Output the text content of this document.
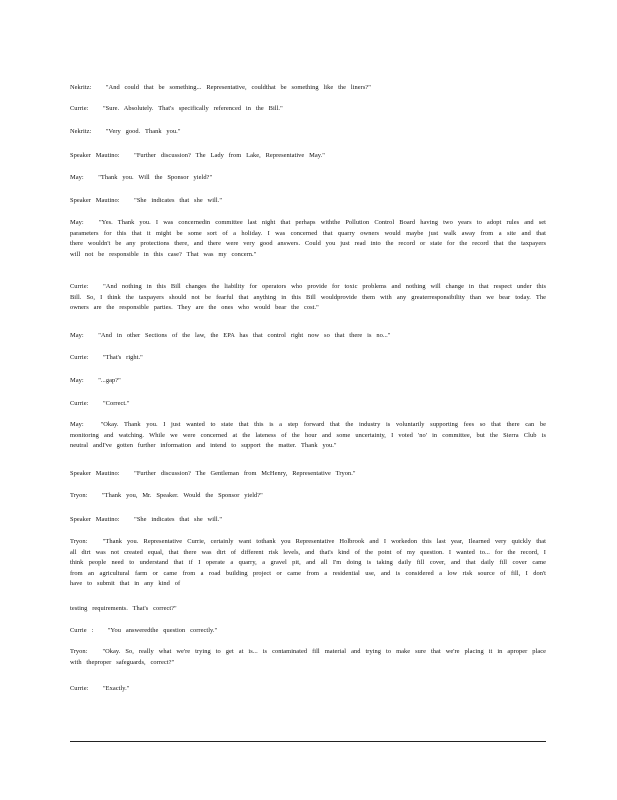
Nekritz:   "And could that be something... Representative, couldthat be something like the liners?"
Currie:   "Sure. Absolutely. That's specifically referenced in the Bill."
Nekritz:   "Very good. Thank you."
Speaker Mautino:   "Further discussion? The Lady from Lake, Representative May."
May:   "Thank you. Will the Sponsor yield?"
Speaker Mautino:   "She indicates that she will."
May:   "Yes. Thank you. I was concernedin committee last night that perhaps withthe Pollution Control Board having two years to adopt rules and set parameters for this that it might be some sort of a holiday. I was concerned that quarry owners would maybe just walk away from a site and that there wouldn't be any protections there, and there were very good answers. Could you just read into the record or state for the record that the taxpayers will not be responsible in this case? That was my concern."
Currie:   "And nothing in this Bill changes the liability for operators who provide for toxic problems and nothing will change in that respect under this Bill. So, I think the taxpayers should not be fearful that anything in this Bill wouldprovide them with any greaterresponsibility than we bear today. The owners are the responsible parties. They are the ones who would bear the cost."
May:   "And in other Sections of the law, the EPA has that control right now so that there is no..."
Currie:   "That's right."
May:   "...gap?"
Currie:   "Correct."
May:   "Okay. Thank you. I just wanted to state that this is a step forward that the industry is voluntarily supporting fees so that there can be monitoring and watching. While we were concerned at the lateness of the hour and some uncertainty, I voted 'no' in committee, but the Sierra Club is neutral andI've gotten further information and intend to support the matter. Thank you."
Speaker Mautino:   "Further discussion? The Gentleman from McHenry, Representative Tryon."
Tryon:   "Thank you, Mr. Speaker. Would the Sponsor yield?"
Speaker Mautino:   "She indicates that she will."
Tryon:   "Thank you. Representative Currie, certainly want tothank you Representative Holbrook and I workedon this last year, Ilearned very quickly that all dirt was not created equal, that there was dirt of different risk levels, and that's kind of the point of my question. I wanted to... for the record, I think people need to understand that if I operate a quarry, a gravel pit, and all I'm doing is taking daily fill cover, and that daily fill cover came from an agricultural farm or came from a road building project or came from a residential use, and is considered a low risk source of fill, I don't have to submit that in any kind of
testing requirements. That's correct?"
Currie :   "You answeredthe question correctly."
Tryon:   "Okay. So, really what we're trying to get at is... is contaminated fill material and trying to make sure that we're placing it in aproper place with theproper safeguards, correct?"
Currie:   "Exactly."
